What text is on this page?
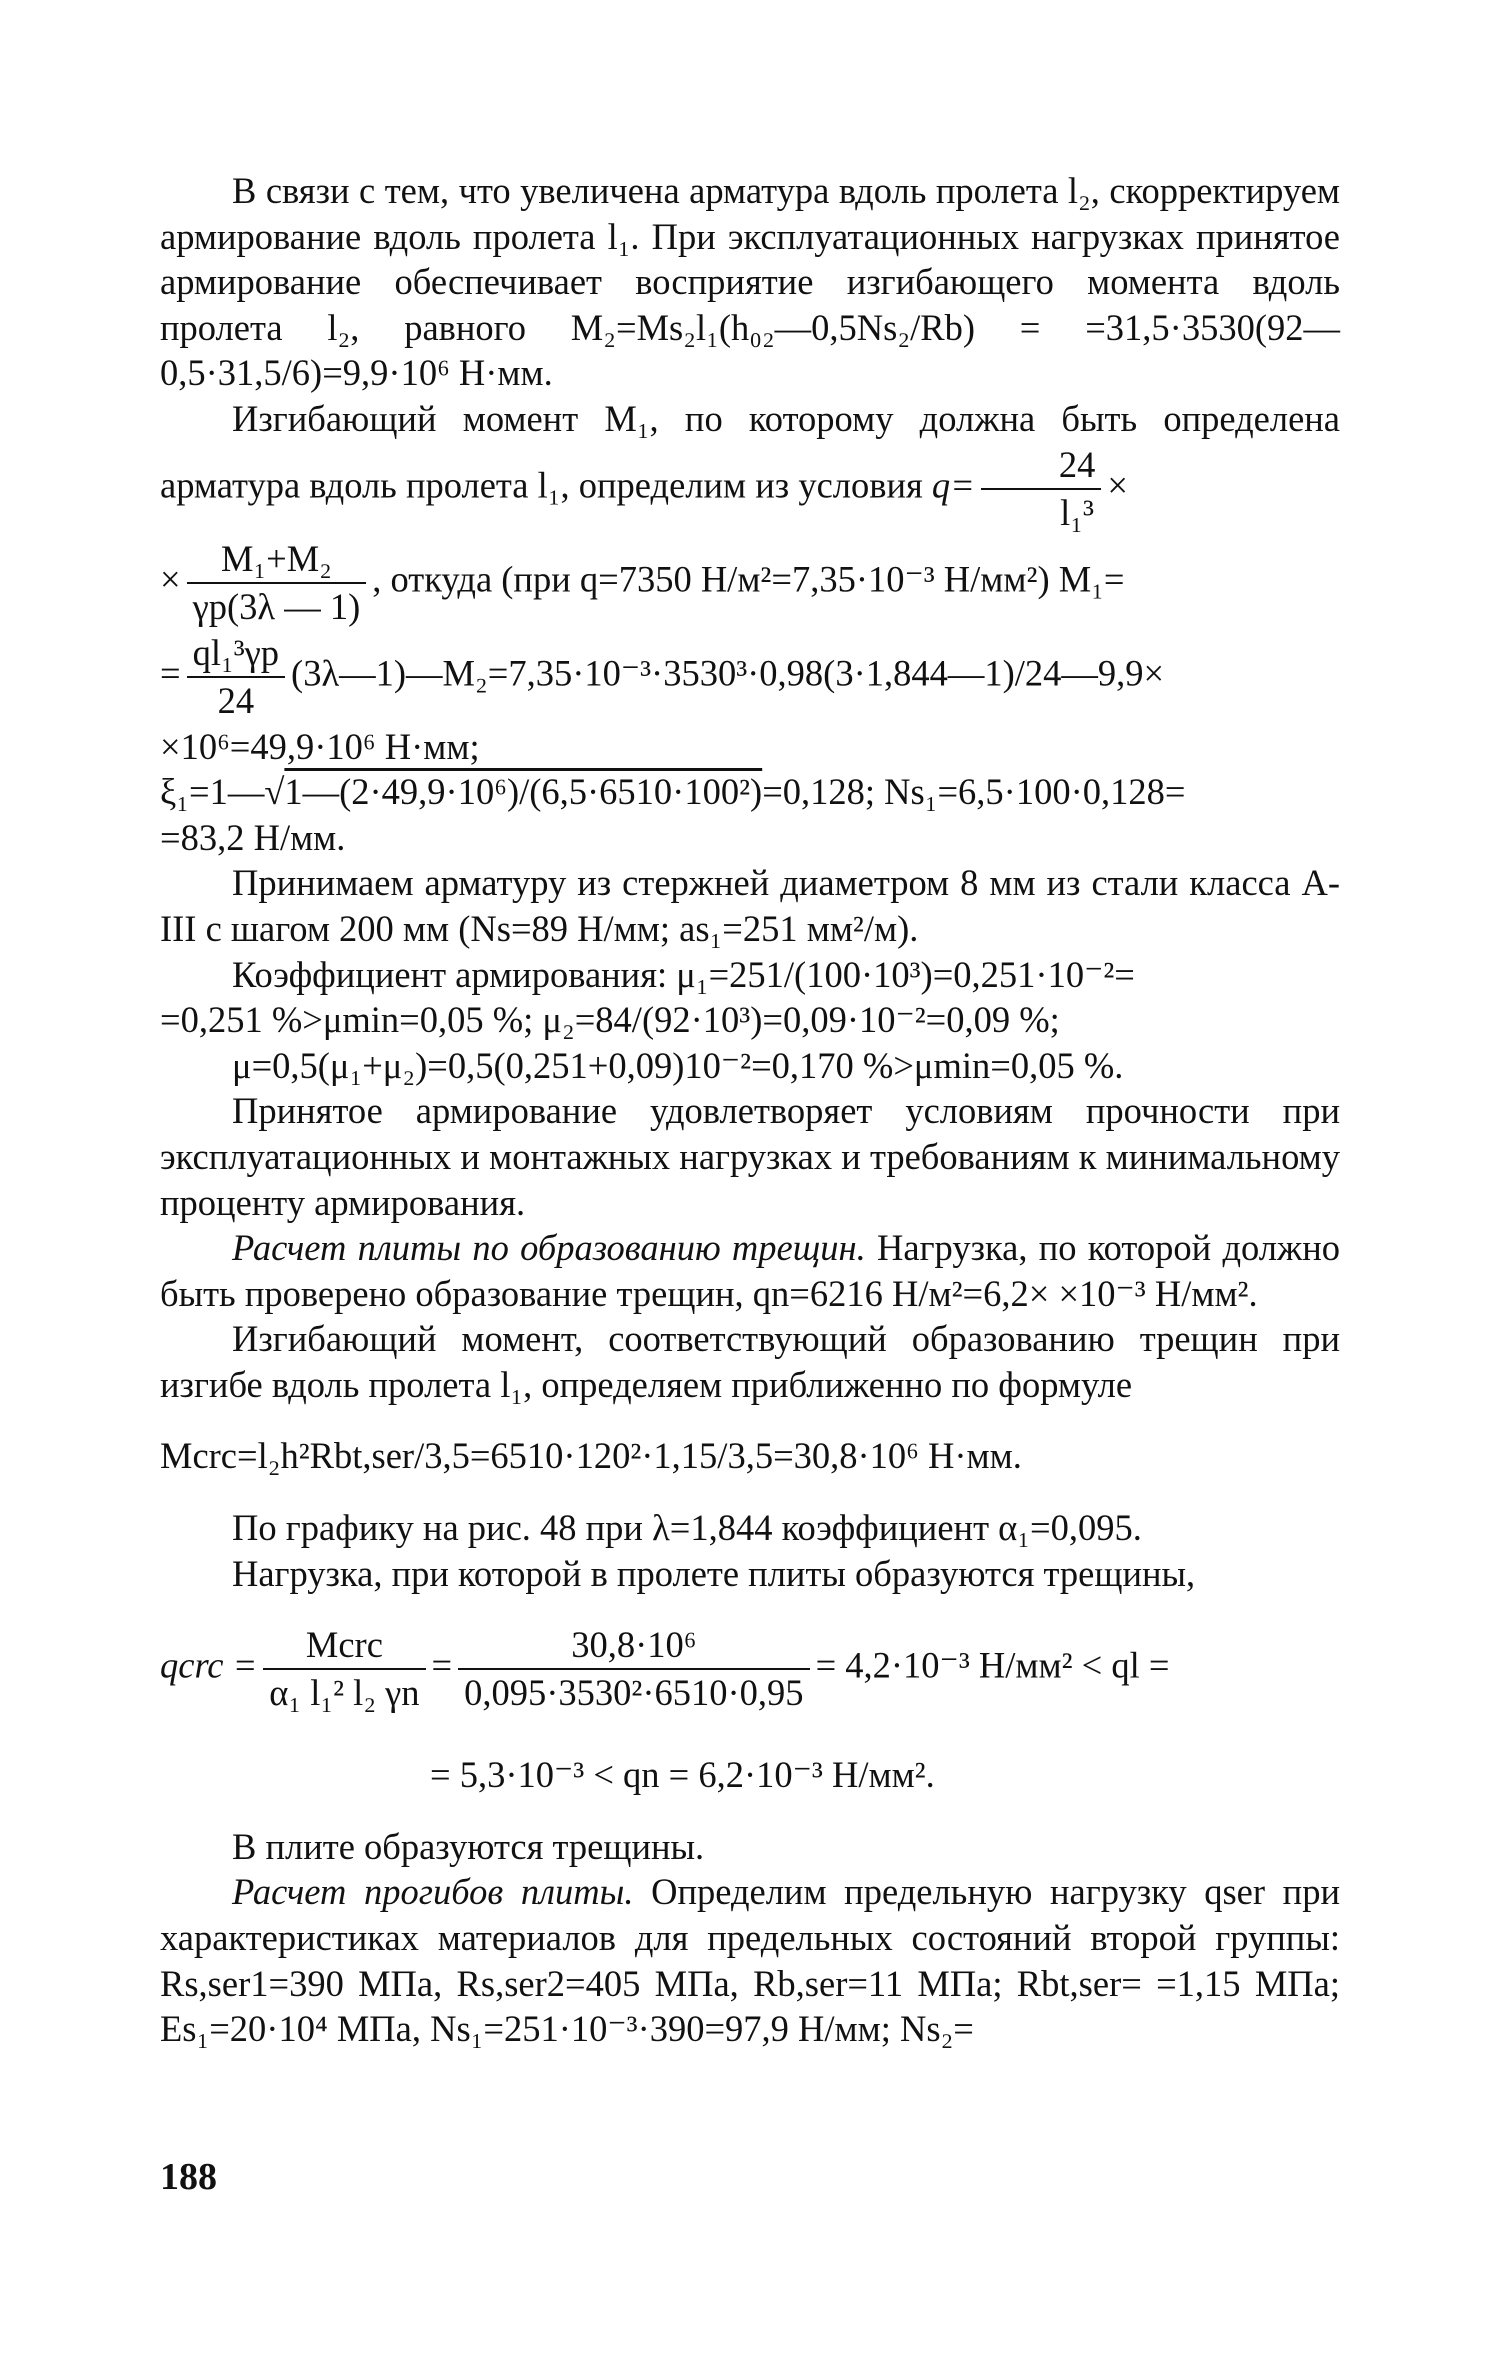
В связи с тем, что увеличена арматура вдоль пролета l₂, скорректируем армирование вдоль пролета l₁. При эксплуатационных нагрузках принятое армирование обеспечивает восприятие изгибающего момента вдоль пролета l₂, равного M₂=Ms₂l₁(h₀₂—0,5Ns₂/Rb) = =31,5·3530(92—0,5·31,5/6)=9,9·10⁶ Н·мм.

Изгибающий момент M₁, по которому должна быть определена арматура вдоль пролета l₁, определим из условия $q= \frac{24}{\text{l₁³}}$ ×

× $\frac{\text{M₁+M₂}}{\gamma p(3\lambda — 1)}$ , откуда (при q=7350 Н/м²=7,35·10⁻³ Н/мм²) M₁=

= $\frac{\text{ql₁³γp}}{24}$ (3λ—1)—M₂=7,35·10⁻³·3530³·0,98(3·1,844—1)/24—9,9×

×10⁶=49,9·10⁶ Н·мм;

ξ₁=1—√1—(2·49,9·10⁶)/(6,5·6510·100²)=0,128; Ns₁=6,5·100·0,128=

=83,2 Н/мм.

Принимаем арматуру из стержней диаметром 8 мм из стали класса А-III с шагом 200 мм (Ns=89 Н/мм; as₁=251 мм²/м).

Коэффициент армирования: μ₁=251/(100·10³)=0,251·10⁻²=

=0,251 %>μmin=0,05 %; μ₂=84/(92·10³)=0,09·10⁻²=0,09 %;

μ=0,5(μ₁+μ₂)=0,5(0,251+0,09)10⁻²=0,170 %>μmin=0,05 %.

Принятое армирование удовлетворяет условиям прочности при эксплуатационных и монтажных нагрузках и требованиям к минимальному проценту армирования.

Расчет плиты по образованию трещин. Нагрузка, по которой должно быть проверено образование трещин, qn=6216 Н/м²=6,2× ×10⁻³ Н/мм².

Изгибающий момент, соответствующий образованию трещин при изгибе вдоль пролета l₁, определяем приближенно по формуле

Mcrc=l₂h²Rbt,ser/3,5=6510·120²·1,15/3,5=30,8·10⁶ Н·мм.

По графику на рис. 48 при λ=1,844 коэффициент α₁=0,095.

Нагрузка, при которой в пролете плиты образуются трещины,

qcrc = $\frac{\text{Mcrc}}{\text{α₁ l₁² l₂ γn}} = \frac{\text{30,8·10⁶}}{\text{0,095·3530²·6510·0,95}} = 4,2\cdot 10^{-3}$ Н/мм² < ql =

= 5,3·10⁻³ < qn = 6,2·10⁻³ Н/мм².

В плите образуются трещины.

Расчет прогибов плиты. Определим предельную нагрузку qser при характеристиках материалов для предельных состояний второй группы: Rs,ser1=390 МПа, Rs,ser2=405 МПа, Rb,ser=11 МПа; Rbt,ser= =1,15 МПа; Es₁=20·10⁴ МПа, Ns₁=251·10⁻³·390=97,9 Н/мм; Ns₂=

188
